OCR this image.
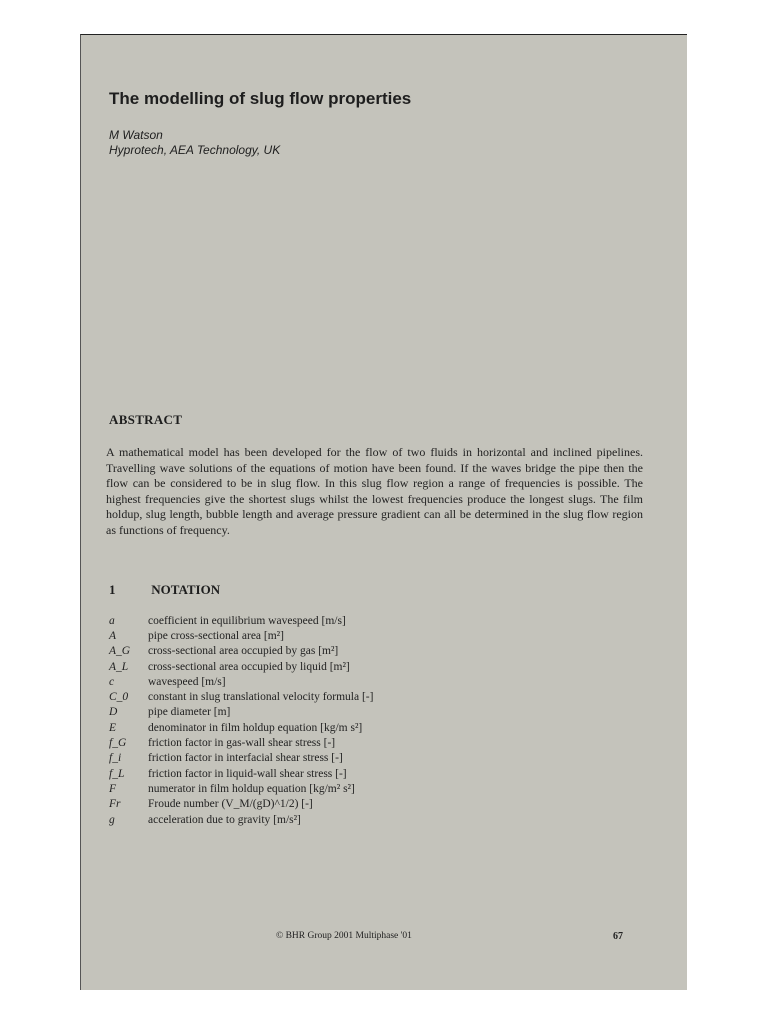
The modelling of slug flow properties
M Watson
Hyprotech, AEA Technology, UK
ABSTRACT
A mathematical model has been developed for the flow of two fluids in horizontal and inclined pipelines. Travelling wave solutions of the equations of motion have been found. If the waves bridge the pipe then the flow can be considered to be in slug flow. In this slug flow region a range of frequencies is possible. The highest frequencies give the shortest slugs whilst the lowest frequencies produce the longest slugs. The film holdup, slug length, bubble length and average pressure gradient can all be determined in the slug flow region as functions of frequency.
1	NOTATION
a	coefficient in equilibrium wavespeed [m/s]
A	pipe cross-sectional area [m²]
A_G	cross-sectional area occupied by gas [m²]
A_L	cross-sectional area occupied by liquid [m²]
c	wavespeed [m/s]
C_0	constant in slug translational velocity formula [-]
D	pipe diameter [m]
E	denominator in film holdup equation [kg/m s²]
f_G	friction factor in gas-wall shear stress [-]
f_i	friction factor in interfacial shear stress [-]
f_L	friction factor in liquid-wall shear stress [-]
F	numerator in film holdup equation [kg/m² s²]
Fr	Froude number (V_M/(gD)^1/2) [-]
g	acceleration due to gravity [m/s²]
© BHR Group 2001 Multiphase '01	67
